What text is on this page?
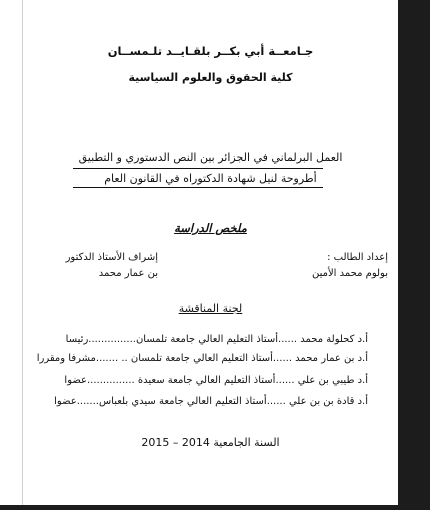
جـامعــة أبي بكــر بلقـايــد تلـمســان
كلية الحقوق والعلوم السياسية
العمل البرلماني في الجزائر بين النص الدستوري و التطبيق
أطروحة لنيل شهادة الدكتوراه في القانون العام
ملخص الدراسة
إعداد الطالب :
بولوم محمد الأمين
إشراف الأستاذ الدكتور
بن عمار محمد
لجنة المناقشة
أ.د كحلولة محمد ......أستاذ التعليم العالي جامعة تلمسان...............رئيسا
أ.د بن عمار محمد ......أستاذ التعليم العالي جامعة تلمسان .. .......مشرفا ومقررا
أ.د طيبي بن علي ......أستاذ التعليم العالي جامعة سعيدة ...............عضوا
أ.د قادة بن بن علي ......أستاذ التعليم العالي جامعة سيدي بلعباس.......عضوا
السنة الجامعية 2014 – 2015
